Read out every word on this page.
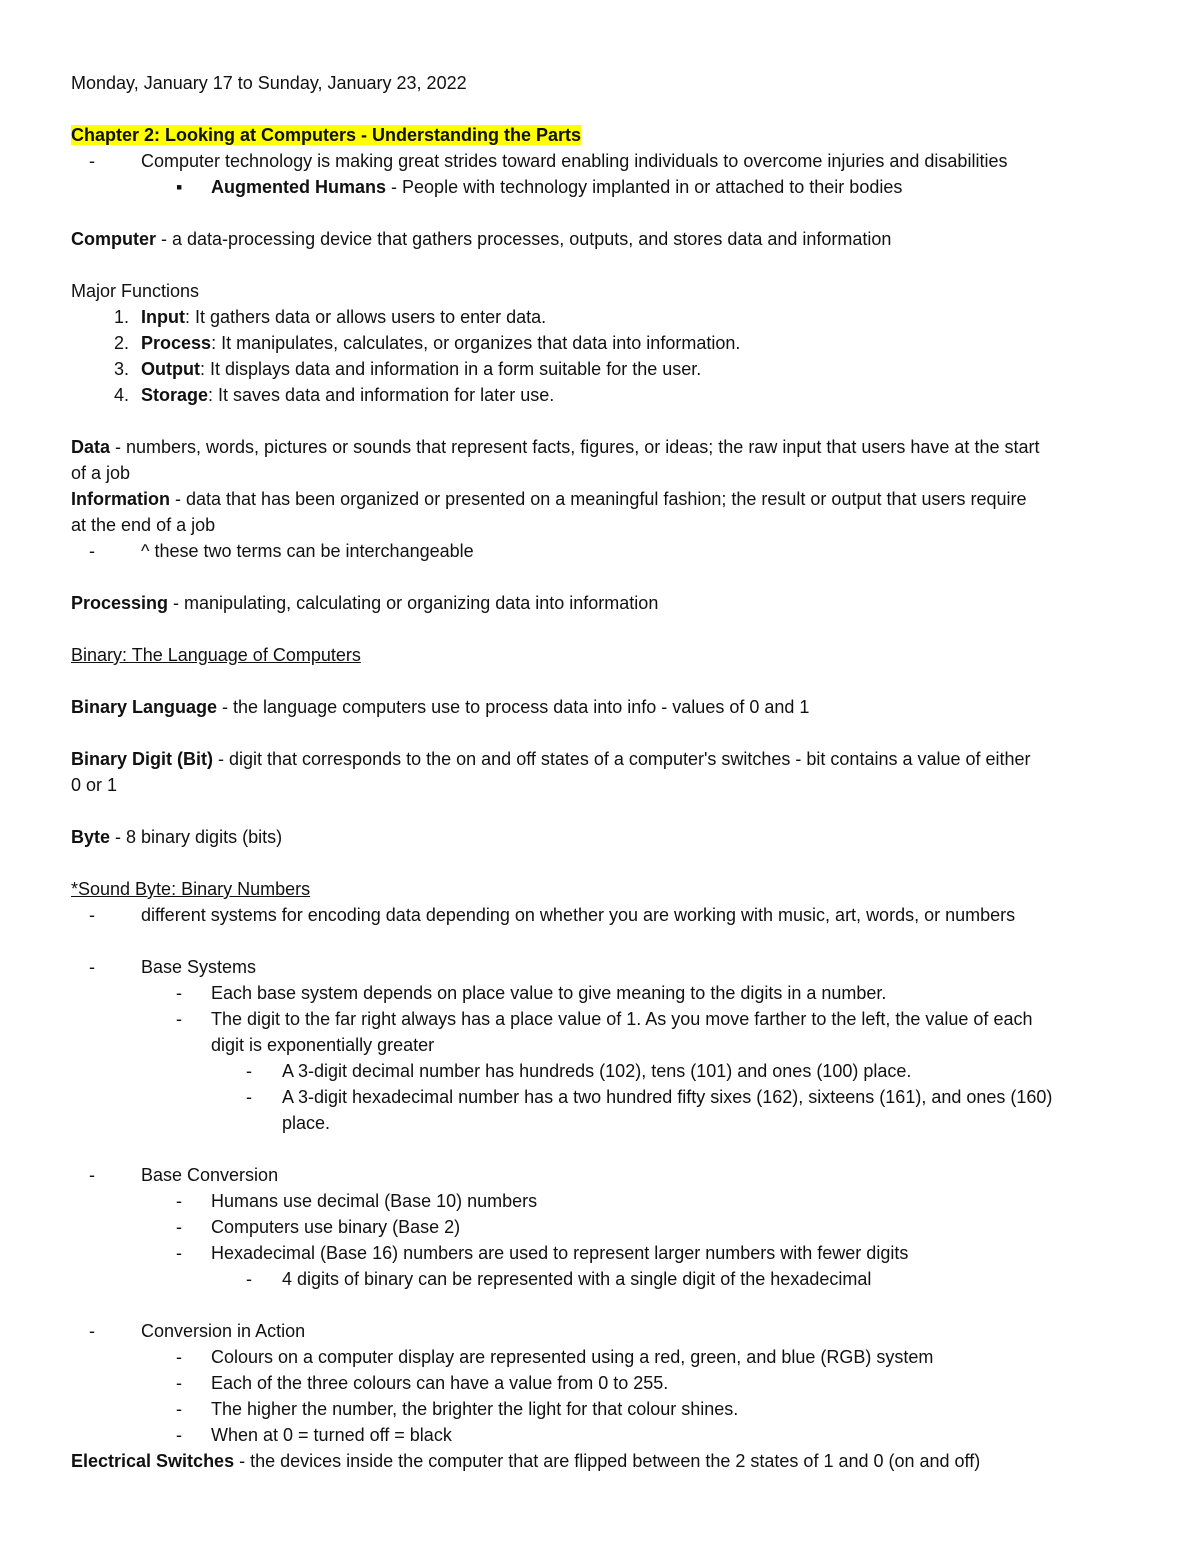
Monday, January 17 to Sunday, January 23, 2022

Chapter 2: Looking at Computers - Understanding the Parts

-	Computer technology is making great strides toward enabling individuals to overcome injuries and disabilities

▪	Augmented Humans - People with technology implanted in or attached to their bodies

Computer - a data-processing device that gathers processes, outputs, and stores data and information

Major Functions

1. Input: It gathers data or allows users to enter data.

2. Process: It manipulates, calculates, or organizes that data into information.

3. Output: It displays data and information in a form suitable for the user.

4. Storage: It saves data and information for later use.

Data - numbers, words, pictures or sounds that represent facts, figures, or ideas; the raw input that users have at the start

of a job

Information - data that has been organized or presented on a meaningful fashion; the result or output that users require

at the end of a job

-	^ these two terms can be interchangeable

Processing - manipulating, calculating or organizing data into information

Binary: The Language of Computers

Binary Language - the language computers use to process data into info - values of 0 and 1

Binary Digit (Bit) - digit that corresponds to the on and off states of a computer's switches - bit contains a value of either

0 or 1

Byte - 8 binary digits (bits)

*Sound Byte: Binary Numbers

-	different systems for encoding data depending on whether you are working with music, art, words, or numbers

-	Base Systems

-	Each base system depends on place value to give meaning to the digits in a number.

-	The digit to the far right always has a place value of 1. As you move farther to the left, the value of each

digit is exponentially greater

-	A 3-digit decimal number has hundreds (102), tens (101) and ones (100) place.

-	A 3-digit hexadecimal number has a two hundred fifty sixes (162), sixteens (161), and ones (160)

place.

-	Base Conversion

-	Humans use decimal (Base 10) numbers

-	Computers use binary (Base 2)

-	Hexadecimal (Base 16) numbers are used to represent larger numbers with fewer digits

-	4 digits of binary can be represented with a single digit of the hexadecimal

-	Conversion in Action

-	Colours on a computer display are represented using a red, green, and blue (RGB) system

-	Each of the three colours can have a value from 0 to 255.

-	The higher the number, the brighter the light for that colour shines.

-	When at 0 = turned off = black

Electrical Switches - the devices inside the computer that are flipped between the 2 states of 1 and 0 (on and off)
